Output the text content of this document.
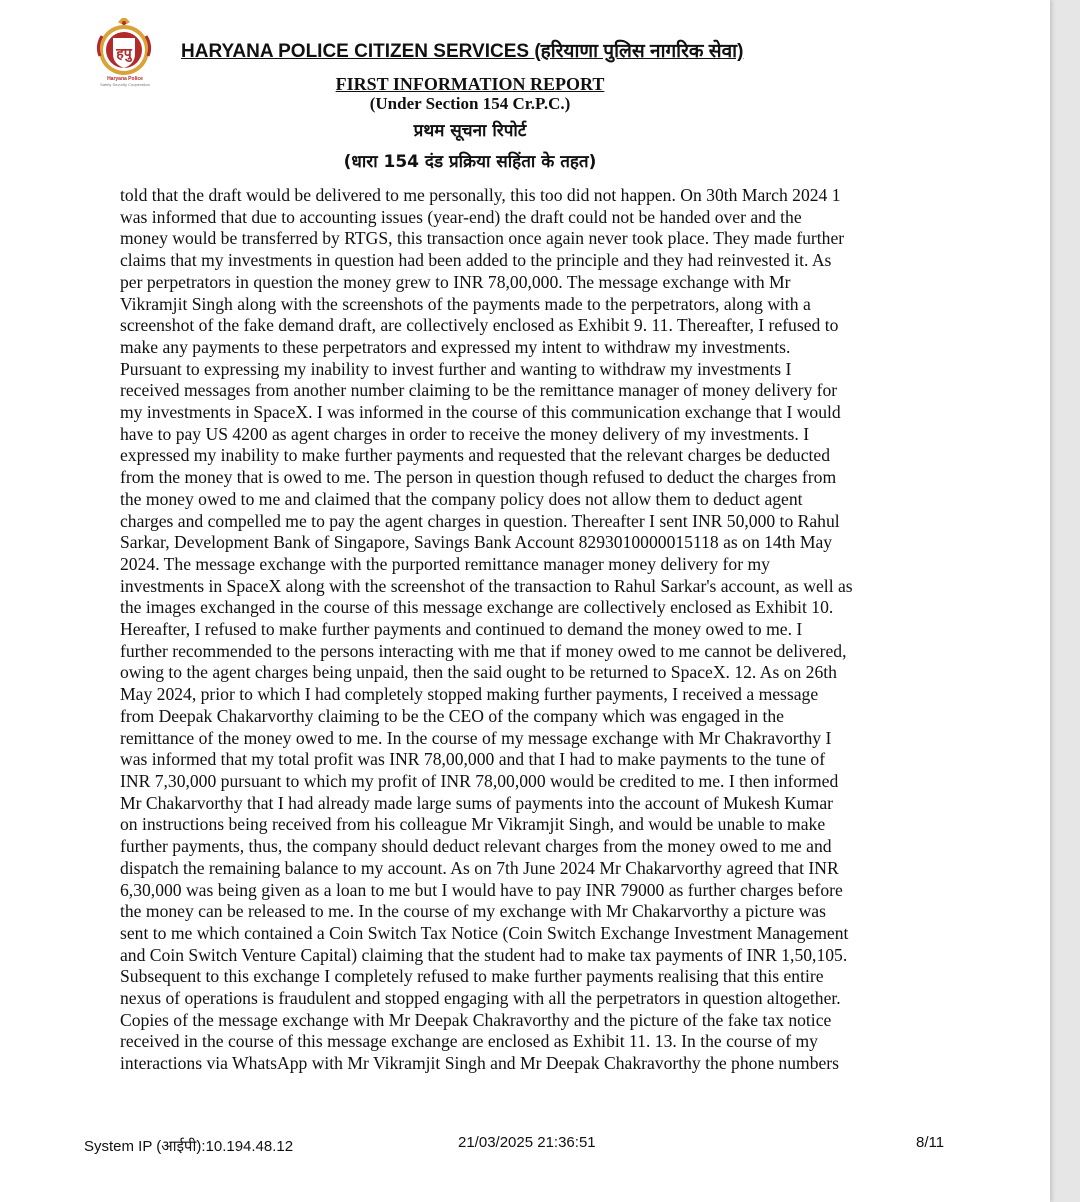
हपु
Haryana Police
Safety Security Cooperation
HARYANA POLICE CITIZEN SERVICES (हरियाणा पुलिस नागरिक सेवा)
FIRST INFORMATION REPORT
(Under Section 154 Cr.P.C.)
प्रथम सूचना रिपोर्ट
(धारा 154 दंड प्रक्रिया सहिंता के तहत)
told that the draft would be delivered to me personally, this too did not happen. On 30th March 2024 1
was informed that due to accounting issues (year-end) the draft could not be handed over and the
money would be transferred by RTGS, this transaction once again never took place. They made further
claims that my investments in question had been added to the principle and they had reinvested it. As
per perpetrators in question the money grew to INR 78,00,000. The message exchange with Mr
Vikramjit Singh along with the screenshots of the payments made to the perpetrators, along with a
screenshot of the fake demand draft, are collectively enclosed as Exhibit 9. 11. Thereafter, I refused to
make any payments to these perpetrators and expressed my intent to withdraw my investments.
Pursuant to expressing my inability to invest further and wanting to withdraw my investments I
received messages from another number claiming to be the remittance manager of money delivery for
my investments in SpaceX. I was informed in the course of this communication exchange that I would
have to pay US 4200 as agent charges in order to receive the money delivery of my investments. I
expressed my inability to make further payments and requested that the relevant charges be deducted
from the money that is owed to me. The person in question though refused to deduct the charges from
the money owed to me and claimed that the company policy does not allow them to deduct agent
charges and compelled me to pay the agent charges in question. Thereafter I sent INR 50,000 to Rahul
Sarkar, Development Bank of Singapore, Savings Bank Account 8293010000015118 as on 14th May
2024. The message exchange with the purported remittance manager money delivery for my
investments in SpaceX along with the screenshot of the transaction to Rahul Sarkar's account, as well as
the images exchanged in the course of this message exchange are collectively enclosed as Exhibit 10.
Hereafter, I refused to make further payments and continued to demand the money owed to me. I
further recommended to the persons interacting with me that if money owed to me cannot be delivered,
owing to the agent charges being unpaid, then the said ought to be returned to SpaceX. 12. As on 26th
May 2024, prior to which I had completely stopped making further payments, I received a message
from Deepak Chakarvorthy claiming to be the CEO of the company which was engaged in the
remittance of the money owed to me. In the course of my message exchange with Mr Chakravorthy I
was informed that my total profit was INR 78,00,000 and that I had to make payments to the tune of
INR 7,30,000 pursuant to which my profit of INR 78,00,000 would be credited to me. I then informed
Mr Chakarvorthy that I had already made large sums of payments into the account of Mukesh Kumar
on instructions being received from his colleague Mr Vikramjit Singh, and would be unable to make
further payments, thus, the company should deduct relevant charges from the money owed to me and
dispatch the remaining balance to my account. As on 7th June 2024 Mr Chakarvorthy agreed that INR
6,30,000 was being given as a loan to me but I would have to pay INR 79000 as further charges before
the money can be released to me. In the course of my exchange with Mr Chakarvorthy a picture was
sent to me which contained a Coin Switch Tax Notice (Coin Switch Exchange Investment Management
and Coin Switch Venture Capital) claiming that the student had to make tax payments of INR 1,50,105.
Subsequent to this exchange I completely refused to make further payments realising that this entire
nexus of operations is fraudulent and stopped engaging with all the perpetrators in question altogether.
Copies of the message exchange with Mr Deepak Chakravorthy and the picture of the fake tax notice
received in the course of this message exchange are enclosed as Exhibit 11. 13. In the course of my
interactions via WhatsApp with Mr Vikramjit Singh and Mr Deepak Chakravorthy the phone numbers
System IP (आईपी):10.194.48.12	21/03/2025 21:36:51	8/11
